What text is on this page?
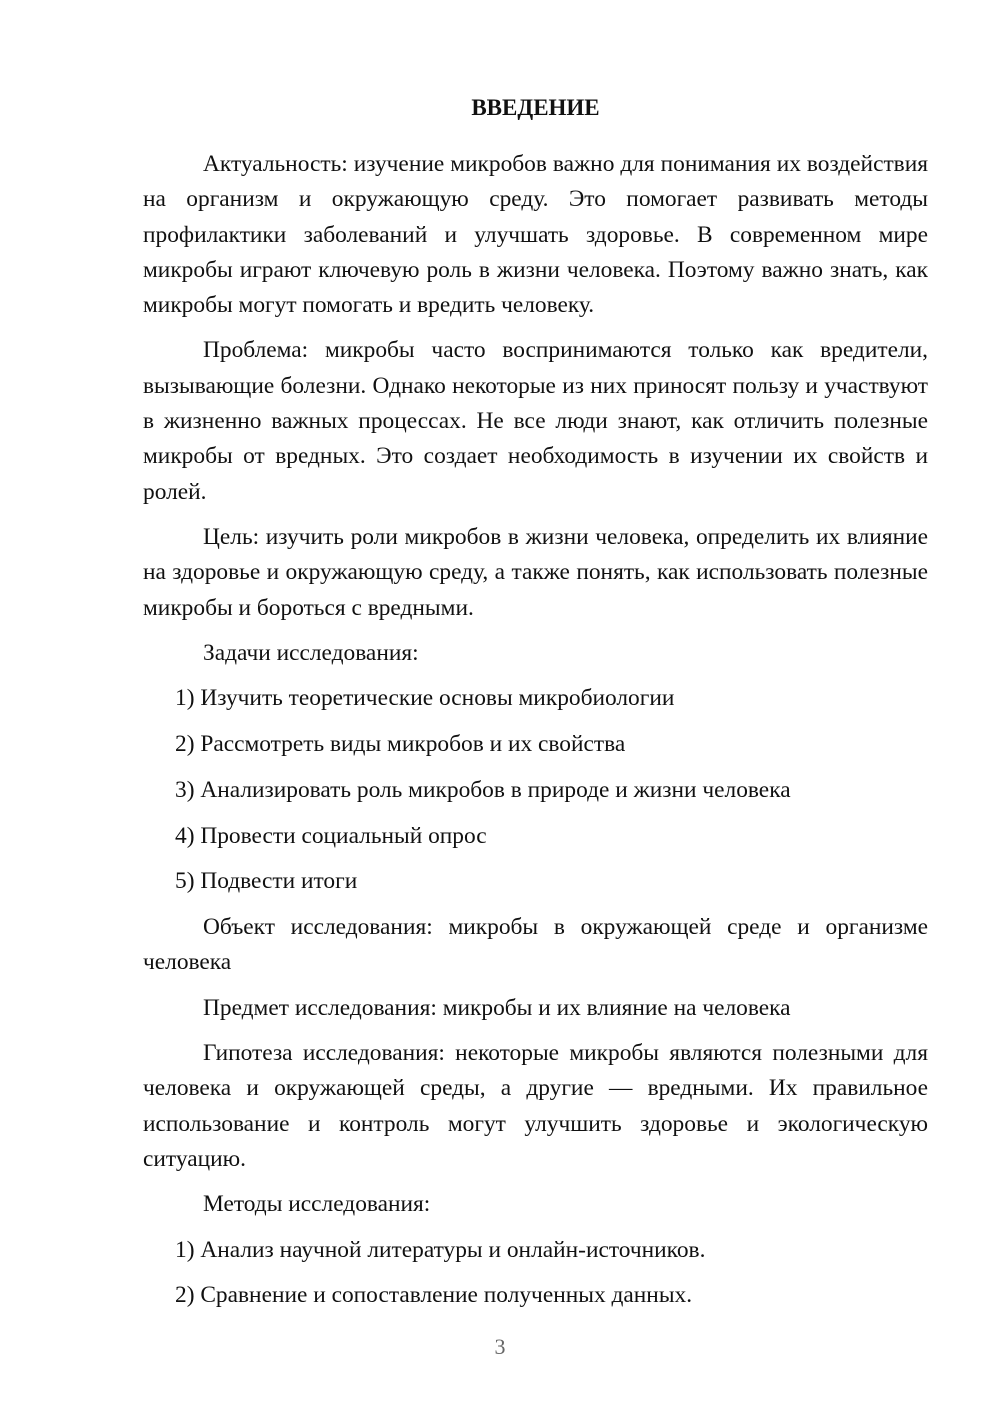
ВВЕДЕНИЕ

Актуальность: изучение микробов важно для понимания их воздействия на организм и окружающую среду. Это помогает развивать методы профилактики заболеваний и улучшать здоровье. В современном мире микробы играют ключевую роль в жизни человека. Поэтому важно знать, как микробы могут помогать и вредить человеку.

Проблема: микробы часто воспринимаются только как вредители, вызывающие болезни. Однако некоторые из них приносят пользу и участвуют в жизненно важных процессах. Не все люди знают, как отличить полезные микробы от вредных. Это создает необходимость в изучении их свойств и ролей.

Цель: изучить роли микробов в жизни человека, определить их влияние на здоровье и окружающую среду, а также понять, как использовать полезные микробы и бороться с вредными.

Задачи исследования:

1) Изучить теоретические основы микробиологии

2) Рассмотреть виды микробов и их свойства

3) Анализировать роль микробов в природе и жизни человека

4) Провести социальный опрос

5) Подвести итоги

Объект исследования: микробы в окружающей среде и организме человека

Предмет исследования: микробы и их влияние на человека

Гипотеза исследования: некоторые микробы являются полезными для человека и окружающей среды, а другие — вредными. Их правильное использование и контроль могут улучшить здоровье и экологическую ситуацию.

Методы исследования:

1) Анализ научной литературы и онлайн-источников.

2) Сравнение и сопоставление полученных данных.

3
